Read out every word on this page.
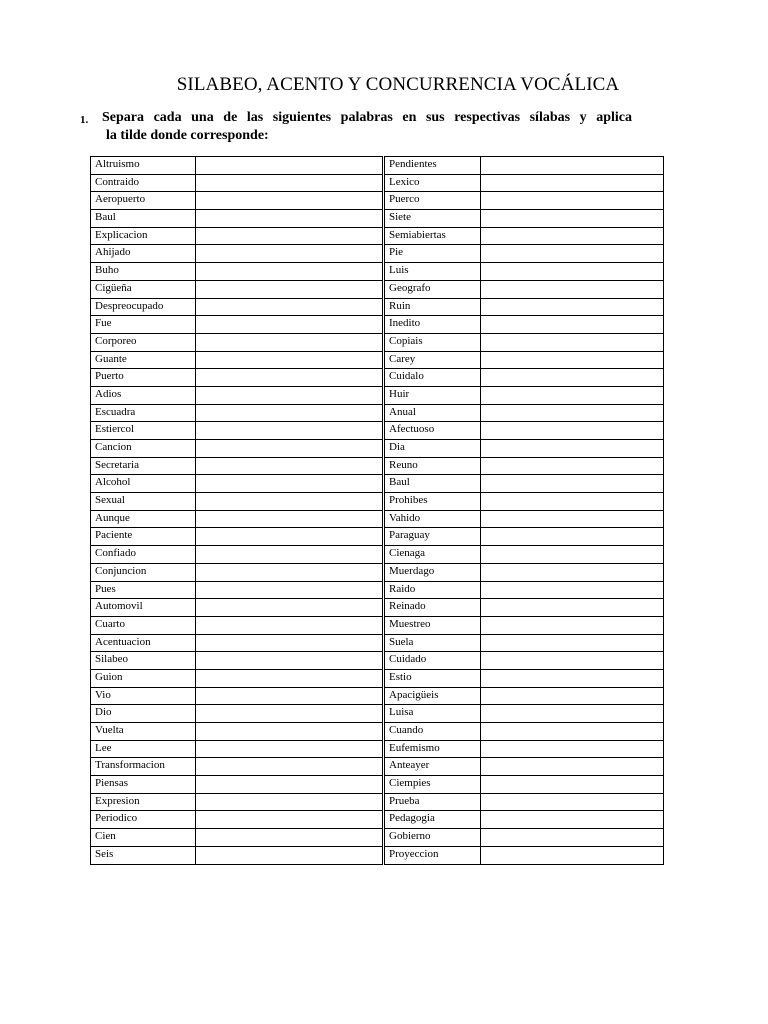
SILABEO, ACENTO Y CONCURRENCIA VOCÁLICA
1. Separa cada una de las siguientes palabras en sus respectivas sílabas y aplica
la tilde donde corresponde:
Altruismo		Pendientes	
Contraido		Lexico	
Aeropuerto		Puerco	
Baul		Siete	
Explicacion		Semiabiertas	
Ahijado		Pie	
Buho		Luis	
Cigüeña		Geografo	
Despreocupado		Ruin	
Fue		Inedito	
Corporeo		Copiais	
Guante		Carey	
Puerto		Cuidalo	
Adios		Huir	
Escuadra		Anual	
Estiercol		Afectuoso	
Cancion		Dia	
Secretaria		Reuno	
Alcohol		Baul	
Sexual		Prohibes	
Aunque		Vahido	
Paciente		Paraguay	
Confiado		Cienaga	
Conjuncion		Muerdago	
Pues		Raido	
Automovil		Reinado	
Cuarto		Muestreo	
Acentuacion		Suela	
Silabeo		Cuidado	
Guion		Estio	
Vio		Apacigüeis	
Dio		Luisa	
Vuelta		Cuando	
Lee		Eufemismo	
Transformacion		Anteayer	
Piensas		Ciempies	
Expresion		Prueba	
Periodico		Pedagogia	
Cien		Gobierno	
Seis		Proyeccion	
